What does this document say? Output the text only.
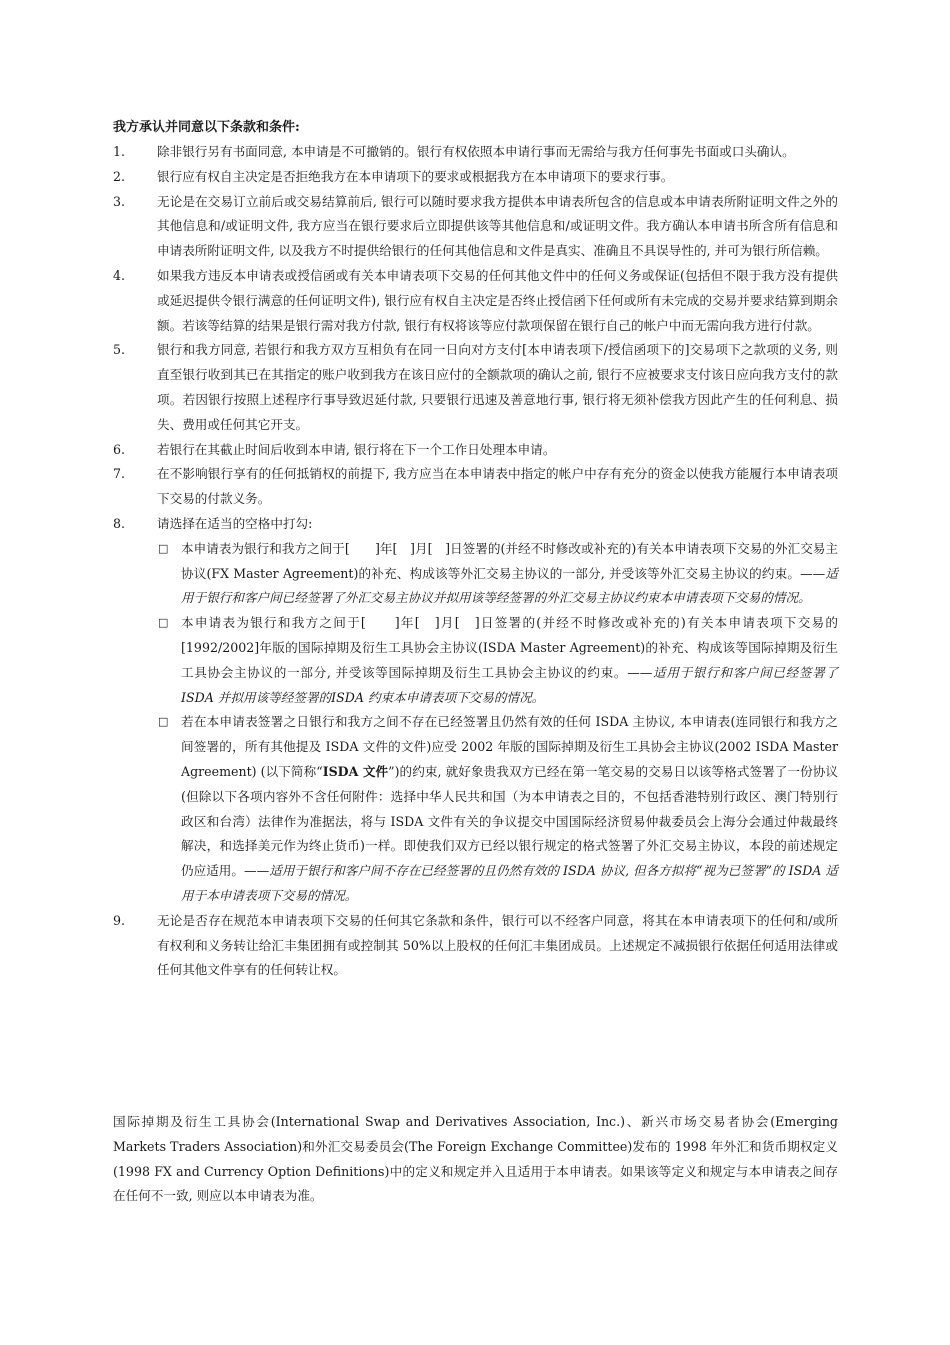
我方承认并同意以下条款和条件:
1.	除非银行另有书面同意, 本申请是不可撤销的。银行有权依照本申请行事而无需给与我方任何事先书面或口头确认。
2.	银行应有权自主决定是否拒绝我方在本申请项下的要求或根据我方在本申请项下的要求行事。
3.	无论是在交易订立前后或交易结算前后, 银行可以随时要求我方提供本申请表所包含的信息或本申请表所附证明文件之外的其他信息和/或证明文件, 我方应当在银行要求后立即提供该等其他信息和/或证明文件。我方确认本申请书所含所有信息和申请表所附证明文件, 以及我方不时提供给银行的任何其他信息和文件是真实、准确且不具误导性的, 并可为银行所信赖。
4.	如果我方违反本申请表或授信函或有关本申请表项下交易的任何其他文件中的任何义务或保证(包括但不限于我方没有提供或延迟提供令银行满意的任何证明文件), 银行应有权自主决定是否终止授信函下任何或所有未完成的交易并要求结算到期余额。若该等结算的结果是银行需对我方付款, 银行有权将该等应付款项保留在银行自己的帐户中而无需向我方进行付款。
5.	银行和我方同意, 若银行和我方双方互相负有在同一日向对方支付[本申请表项下/授信函项下的]交易项下之款项的义务, 则直至银行收到其已在其指定的账户收到我方在该日应付的全额款项的确认之前, 银行不应被要求支付该日应向我方支付的款项。若因银行按照上述程序行事导致迟延付款, 只要银行迅速及善意地行事, 银行将无须补偿我方因此产生的任何利息、损失、费用或任何其它开支。
6.	若银行在其截止时间后收到本申请, 银行将在下一个工作日处理本申请。
7.	在不影响银行享有的任何抵销权的前提下, 我方应当在本申请表中指定的帐户中存有充分的资金以使我方能履行本申请表项下交易的付款义务。
8.	请选择在适当的空格中打勾:
□ 本申请表为银行和我方之间于[　　]年[　]月[　]日签署的(并经不时修改或补充的)有关本申请表项下交易的外汇交易主协议(FX Master Agreement)的补充、构成该等外汇交易主协议的一部分, 并受该等外汇交易主协议的约束。——适用于银行和客户间已经签署了外汇交易主协议并拟用该等经签署的外汇交易主协议约束本申请表项下交易的情况。
□ 本申请表为银行和我方之间于[　　]年[　]月[　]日签署的(并经不时修改或补充的)有关本申请表项下交易的[1992/2002]年版的国际掉期及衍生工具协会主协议(ISDA Master Agreement)的补充、构成该等国际掉期及衍生工具协会主协议的一部分, 并受该等国际掉期及衍生工具协会主协议的约束。——适用于银行和客户间已经签署了ISDA 并拟用该等经签署的ISDA 约束本申请表项下交易的情况。
□ 若在本申请表签署之日银行和我方之间不存在已经签署且仍然有效的任何 ISDA 主协议, 本申请表(连同银行和我方之间签署的，所有其他提及 ISDA 文件的文件)应受 2002 年版的国际掉期及衍生工具协会主协议(2002 ISDA Master Agreement) (以下简称“ISDA 文件”)的约束, 就好象贵我双方已经在第一笔交易的交易日以该等格式签署了一份协议(但除以下各项内容外不含任何附件：选择中华人民共和国（为本申请表之目的，不包括香港特别行政区、澳门特别行政区和台湾）法律作为准据法，将与 ISDA 文件有关的争议提交中国国际经济贸易仲裁委员会上海分会通过仲裁最终解决，和选择美元作为终止货币)一样。即使我们双方已经以银行规定的格式签署了外汇交易主协议，本段的前述规定仍应适用。——适用于银行和客户间不存在已经签署的且仍然有效的 ISDA 协议, 但各方拟将“视为已签署”的 ISDA 适用于本申请表项下交易的情况。
9.	无论是否存在规范本申请表项下交易的任何其它条款和条件，银行可以不经客户同意，将其在本申请表项下的任何和/或所有权利和义务转让给汇丰集团拥有或控制其 50%以上股权的任何汇丰集团成员。上述规定不减损银行依据任何适用法律或任何其他文件享有的任何转让权。
国际掉期及衍生工具协会(International Swap and Derivatives Association, Inc.)、新兴市场交易者协会(Emerging Markets Traders Association)和外汇交易委员会(The Foreign Exchange Committee)发布的 1998 年外汇和货币期权定义(1998 FX and Currency Option Definitions)中的定义和规定并入且适用于本申请表。如果该等定义和规定与本申请表之间存在任何不一致, 则应以本申请表为准。
